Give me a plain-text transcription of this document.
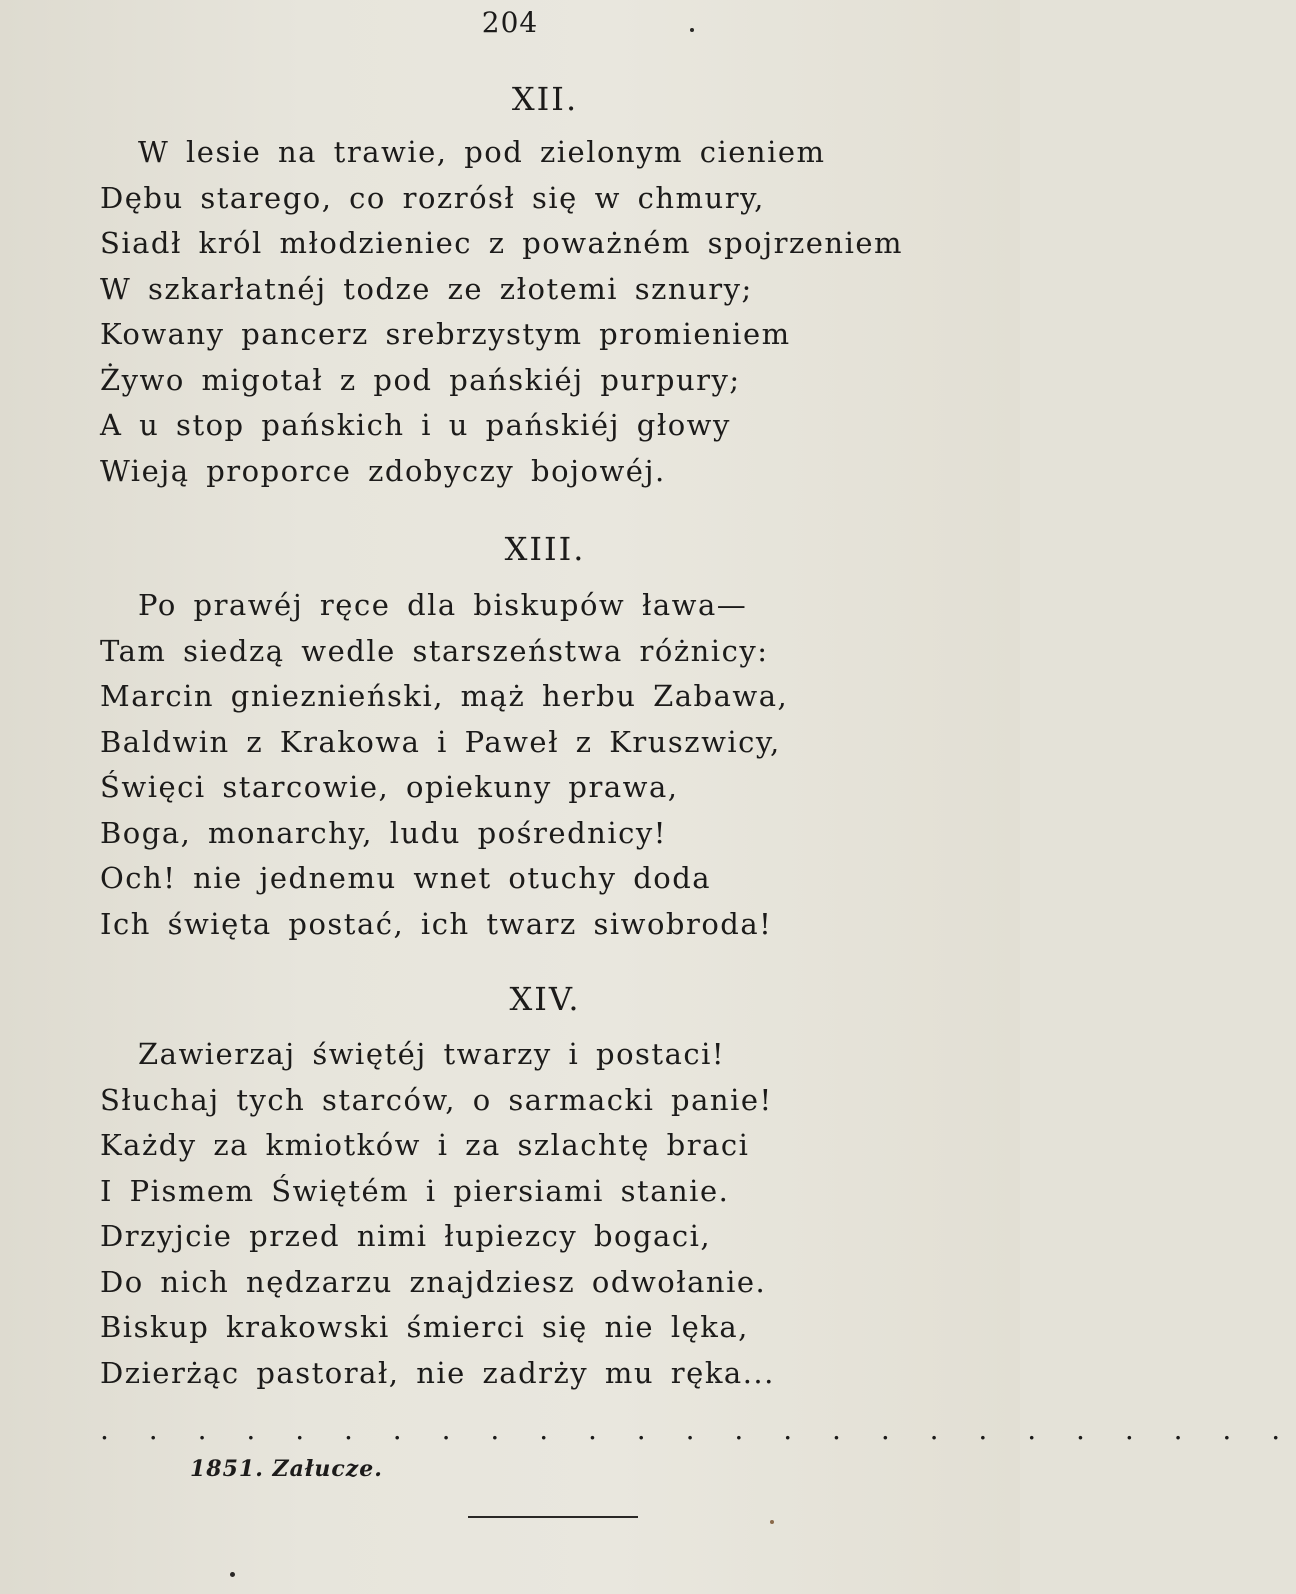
204
XII.
W lesie na trawie, pod zielonym cieniem
Dębu starego, co rozrósł się w chmury,
Siadł król młodzieniec z poważném spojrzeniem
W szkarłatnéj todze ze złotemi sznury;
Kowany pancerz srebrzystym promieniem
Żywo migotał z pod pańskiéj purpury;
A u stop pańskich i u pańskiéj głowy
Wieją proporce zdobyczy bojowéj.
XIII.
Po prawéj ręce dla biskupów ława—
Tam siedzą wedle starszeństwa różnicy:
Marcin gnieznieński, mąż herbu Zabawa,
Baldwin z Krakowa i Paweł z Kruszwicy,
Święci starcowie, opiekuny prawa,
Boga, monarchy, ludu pośrednicy!
Och! nie jednemu wnet otuchy doda
Ich święta postać, ich twarz siwobroda!
XIV.
Zawierzaj świętéj twarzy i postaci!
Słuchaj tych starców, o sarmacki panie!
Każdy za kmiotków i za szlachtę braci
I Pismem Świętém i piersiami stanie.
Drzyjcie przed nimi łupiezcy bogaci,
Do nich nędzarzu znajdziesz odwołanie.
Biskup krakowski śmierci się nie lęka,
Dzierżąc pastorał, nie zadrży mu ręka...
. . . . . . . . . . . . . . . . . . . . . . . . .
1851. Załucze.
